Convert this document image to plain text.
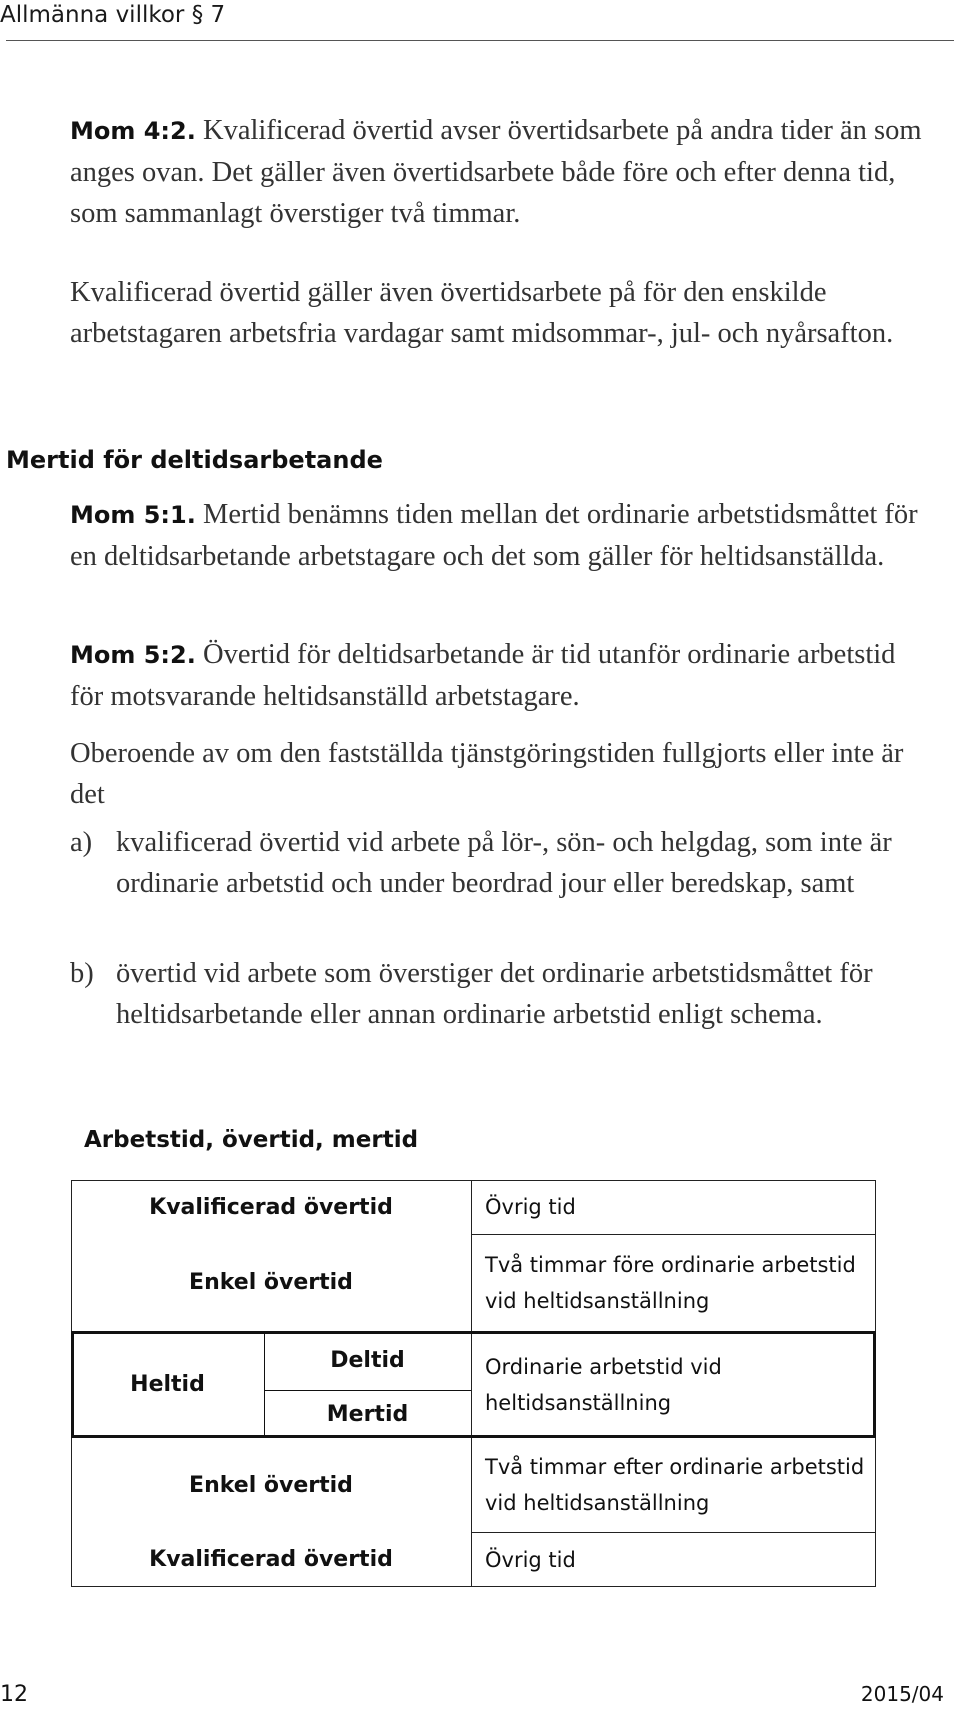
Allmänna villkor § 7
Mom 4:2. Kvalificerad övertid avser övertidsarbete på andra tider än som anges ovan. Det gäller även övertidsarbete både före och efter denna tid, som sammanlagt överstiger två timmar.
Kvalificerad övertid gäller även övertidsarbete på för den enskilde arbetstagaren arbetsfria vardagar samt midsommar-, jul- och nyårsafton.
Mertid för deltidsarbetande
Mom 5:1. Mertid benämns tiden mellan det ordinarie arbetstidsmåttet för en deltidsarbetande arbetstagare och det som gäller för heltidsanställda.
Mom 5:2. Övertid för deltidsarbetande är tid utanför ordinarie arbetstid för motsvarande heltidsanställd arbetstagare.
Oberoende av om den fastställda tjänstgöringstiden fullgjorts eller inte är det
a) kvalificerad övertid vid arbete på lör-, sön- och helgdag, som inte är ordinarie arbetstid och under beordrad jour eller beredskap, samt
b) övertid vid arbete som överstiger det ordinarie arbetstidsmåttet för heltidsarbetande eller annan ordinarie arbetstid enligt schema.
Arbetstid, övertid, mertid
Kvalificerad övertid
Enkel övertid
Heltid
Deltid
Mertid
Enkel övertid
Kvalificerad övertid
Övrig tid
Två timmar före ordinarie arbetstid vid heltidsanställning
Ordinarie arbetstid vid heltidsanställning
Två timmar efter ordinarie arbetstid vid heltidsanställning
Övrig tid
12	2015/04
